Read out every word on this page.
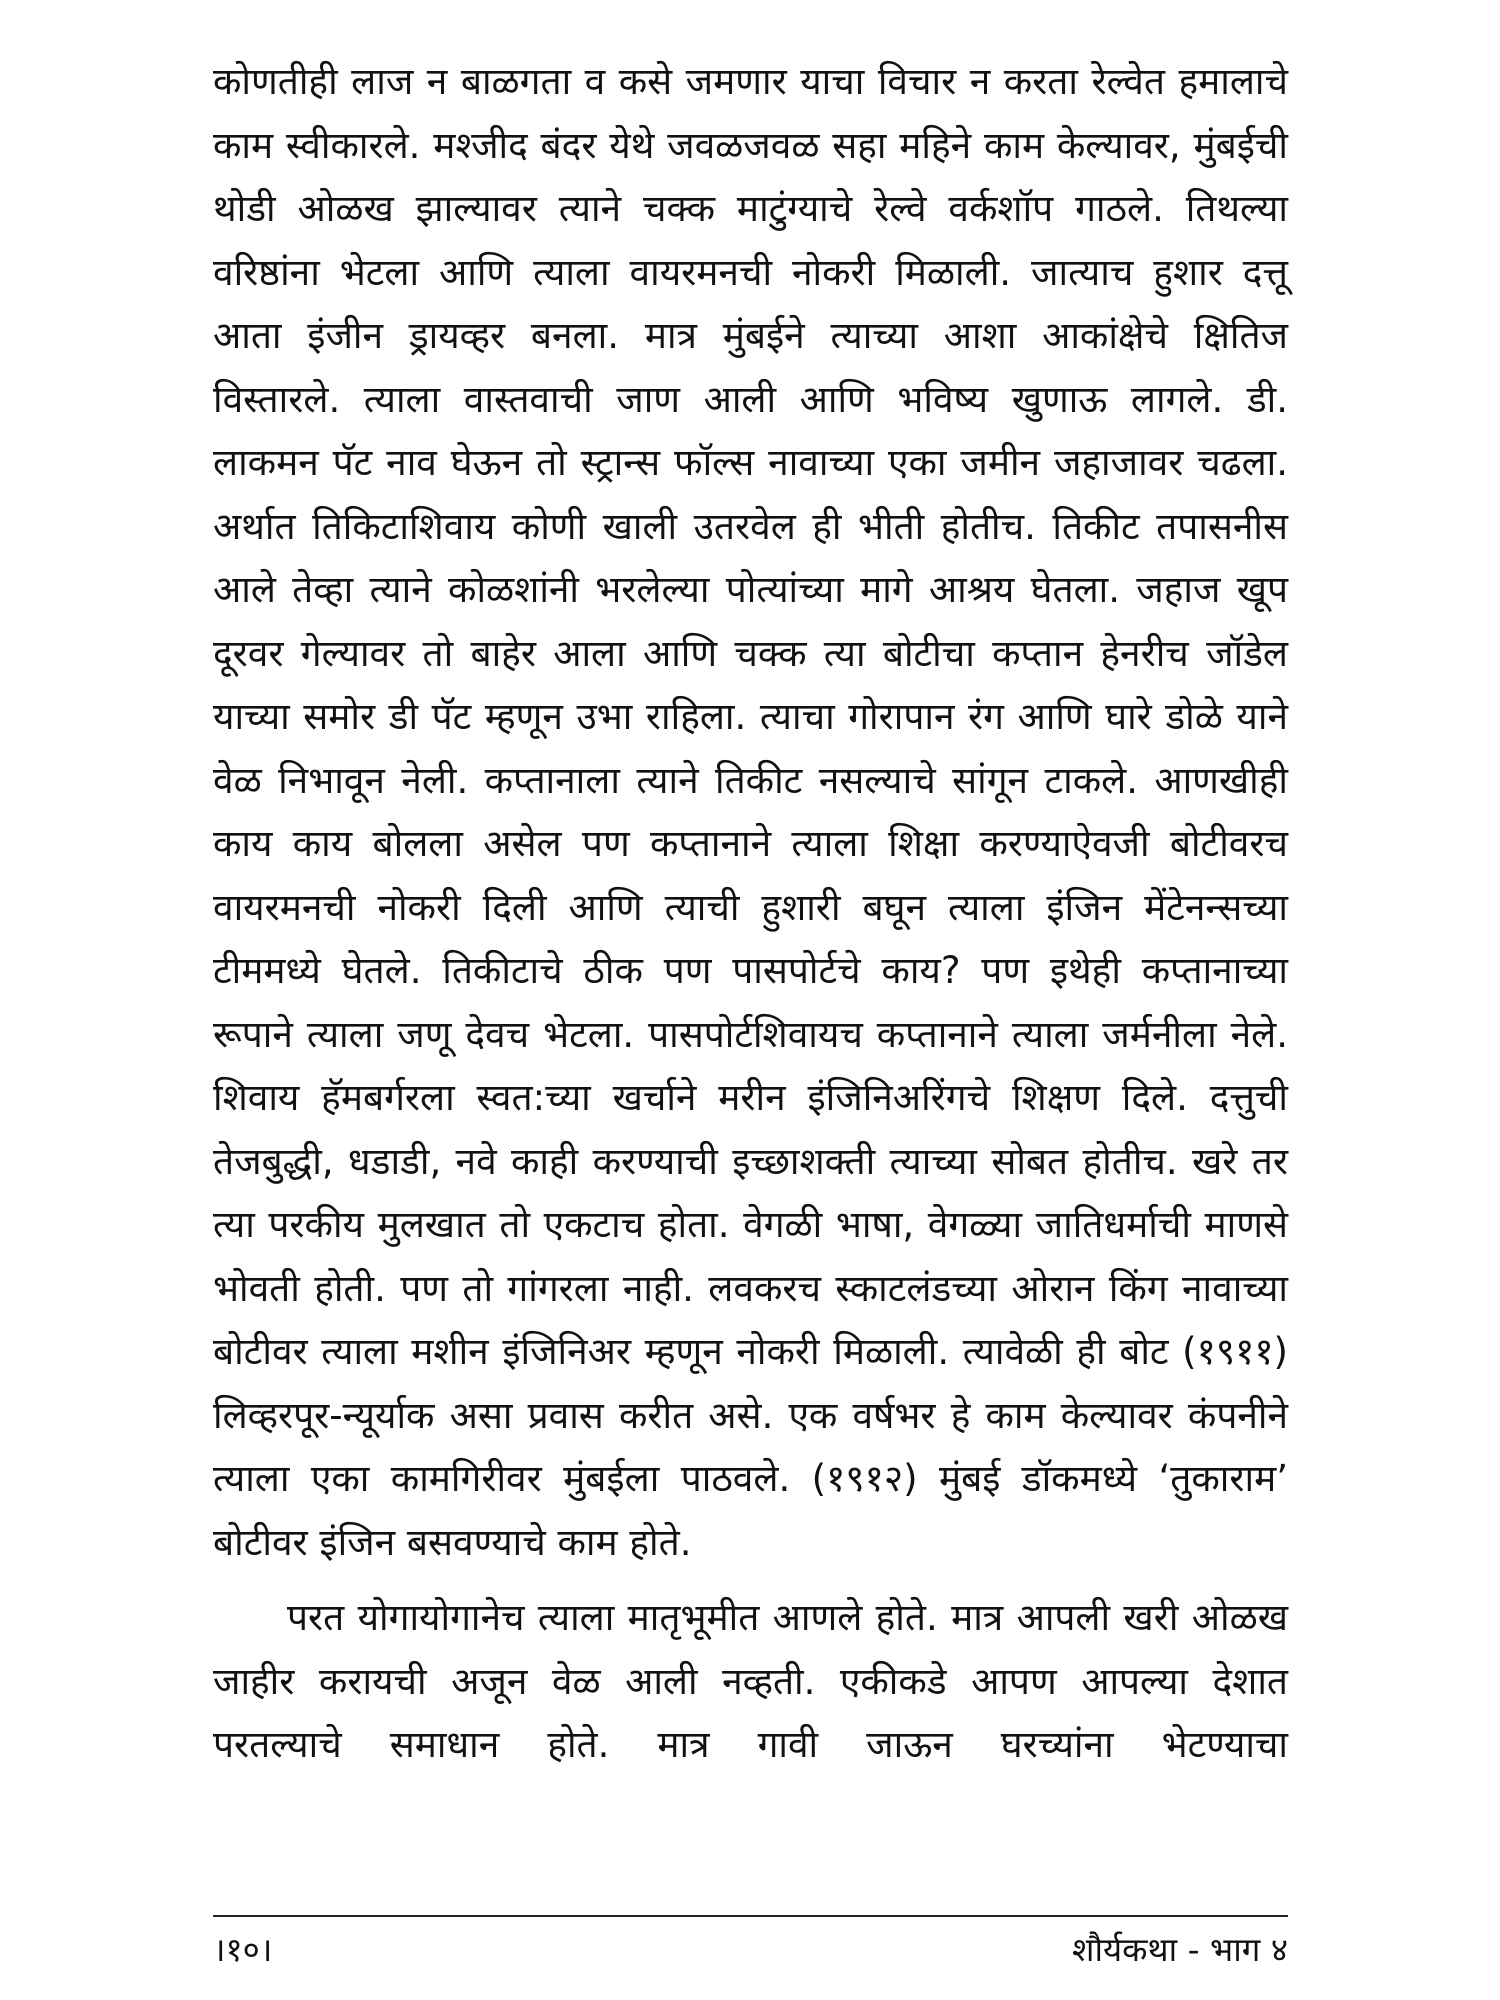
कोणतीही लाज न बाळगता व कसे जमणार याचा विचार न करता रेल्वेत हमालाचे काम स्वीकारले. मश्जीद बंदर येथे जवळजवळ सहा महिने काम केल्यावर, मुंबईची थोडी ओळख झाल्यावर त्याने चक्क माटुंग्याचे रेल्वे वर्कशॉप गाठले. तिथल्या वरिष्ठांना भेटला आणि त्याला वायरमनची नोकरी मिळाली. जात्याच हुशार दत्तू आता इंजीन ड्रायव्हर बनला. मात्र मुंबईने त्याच्या आशा आकांक्षेचे क्षितिज विस्तारले. त्याला वास्तवाची जाण आली आणि भविष्य खुणाऊ लागले. डी. लाकमन पॅट नाव घेऊन तो स्ट्रान्स फॉल्स नावाच्या एका जमीन जहाजावर चढला. अर्थात तिकिटाशिवाय कोणी खाली उतरवेल ही भीती होतीच. तिकीट तपासनीस आले तेव्हा त्याने कोळशांनी भरलेल्या पोत्यांच्या मागे आश्रय घेतला. जहाज खूप दूरवर गेल्यावर तो बाहेर आला आणि चक्क त्या बोटीचा कप्तान हेनरीच जॉडेल याच्या समोर डी पॅट म्हणून उभा राहिला. त्याचा गोरापान रंग आणि घारे डोळे याने वेळ निभावून नेली. कप्तानाला त्याने तिकीट नसल्याचे सांगून टाकले. आणखीही काय काय बोलला असेल पण कप्तानाने त्याला शिक्षा करण्याऐवजी बोटीवरच वायरमनची नोकरी दिली आणि त्याची हुशारी बघून त्याला इंजिन मेंटेनन्सच्या टीममध्ये घेतले. तिकीटाचे ठीक पण पासपोर्टचे काय? पण इथेही कप्तानाच्या रूपाने त्याला जणू देवच भेटला. पासपोर्टशिवायच कप्तानाने त्याला जर्मनीला नेले. शिवाय हॅमबर्गरला स्वत:च्या खर्चाने मरीन इंजिनिअरिंगचे शिक्षण दिले. दत्तुची तेजबुद्धी, धडाडी, नवे काही करण्याची इच्छाशक्ती त्याच्या सोबत होतीच. खरे तर त्या परकीय मुलखात तो एकटाच होता. वेगळी भाषा, वेगळ्या जातिधर्माची माणसे भोवती होती. पण तो गांगरला नाही. लवकरच स्काटलंडच्या ओरान किंग नावाच्या बोटीवर त्याला मशीन इंजिनिअर म्हणून नोकरी मिळाली. त्यावेळी ही बोट (१९११) लिव्हरपूर-न्यूर्याक असा प्रवास करीत असे. एक वर्षभर हे काम केल्यावर कंपनीने त्याला एका कामगिरीवर मुंबईला पाठवले. (१९१२) मुंबई डॉकमध्ये ‘तुकाराम’ बोटीवर इंजिन बसवण्याचे काम होते.

परत योगायोगानेच त्याला मातृभूमीत आणले होते. मात्र आपली खरी ओळख जाहीर करायची अजून वेळ आली नव्हती. एकीकडे आपण आपल्या देशात परतल्याचे समाधान होते. मात्र गावी जाऊन घरच्यांना भेटण्याचा

।१०।	शौर्यकथा - भाग ४
